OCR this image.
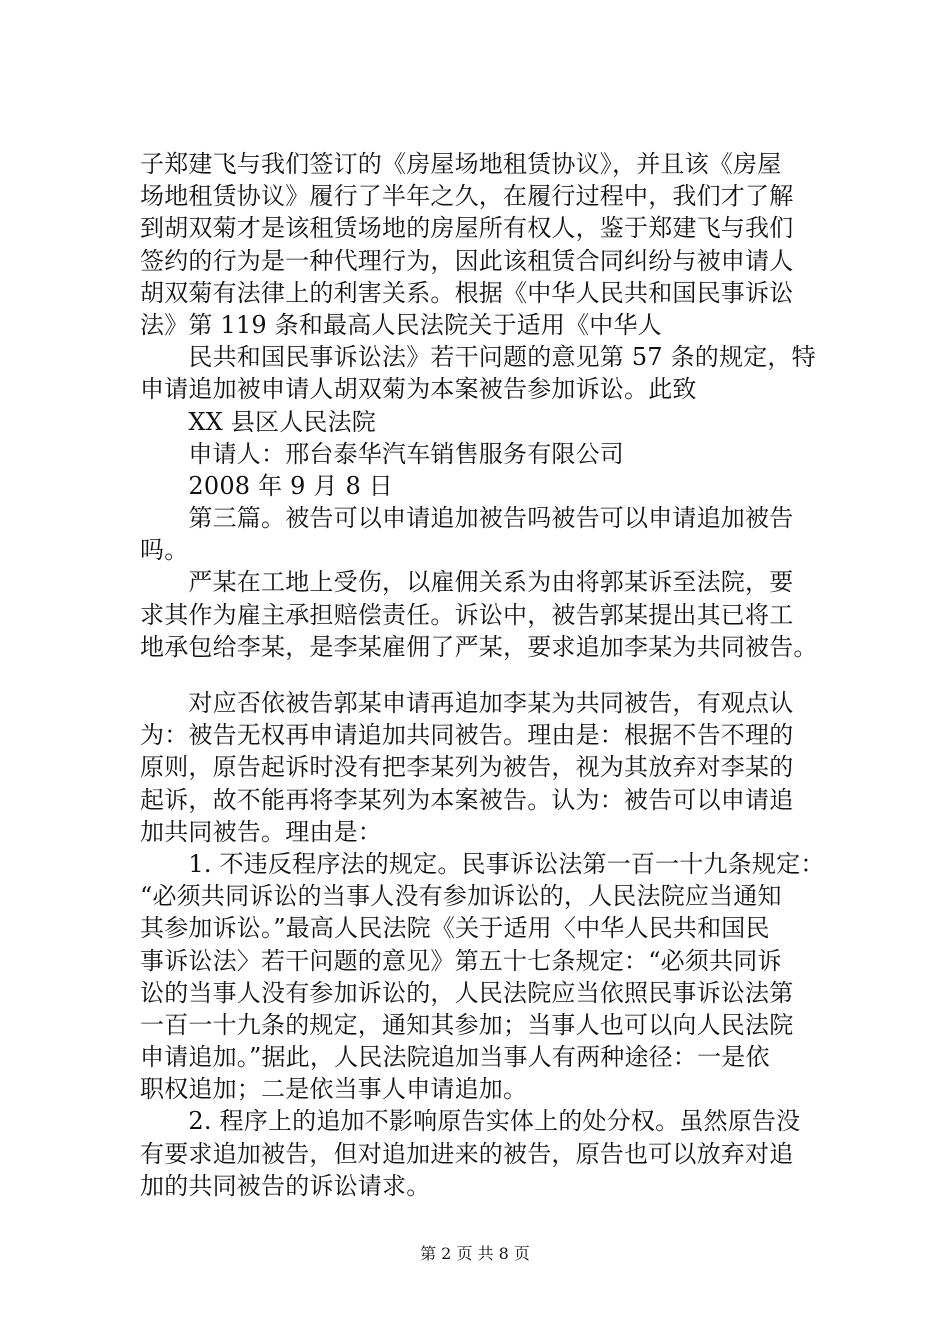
子郑建飞与我们签订的《房屋场地租赁协议》，并且该《房屋
场地租赁协议》履行了半年之久，在履行过程中，我们才了解
到胡双菊才是该租赁场地的房屋所有权人，鉴于郑建飞与我们
签约的行为是一种代理行为，因此该租赁合同纠纷与被申请人
胡双菊有法律上的利害关系。根据《中华人民共和国民事诉讼
法》第 119 条和最高人民法院关于适用《中华人
　　民共和国民事诉讼法》若干问题的意见第 57 条的规定，特
申请追加被申请人胡双菊为本案被告参加诉讼。此致
　　XX 县区人民法院
　　申请人：邢台泰华汽车销售服务有限公司
　　2008 年 9 月 8 日
　　第三篇。被告可以申请追加被告吗被告可以申请追加被告
吗。
　　严某在工地上受伤，以雇佣关系为由将郭某诉至法院，要
求其作为雇主承担赔偿责任。诉讼中，被告郭某提出其已将工
地承包给李某，是李某雇佣了严某，要求追加李某为共同被告。
　　对应否依被告郭某申请再追加李某为共同被告，有观点认
为：被告无权再申请追加共同被告。理由是：根据不告不理的
原则，原告起诉时没有把李某列为被告，视为其放弃对李某的
起诉，故不能再将李某列为本案被告。认为：被告可以申请追
加共同被告。理由是：
　　1. 不违反程序法的规定。民事诉讼法第一百一十九条规定：
“必须共同诉讼的当事人没有参加诉讼的，人民法院应当通知
其参加诉讼。”最高人民法院《关于适用〈中华人民共和国民
事诉讼法〉若干问题的意见》第五十七条规定：“必须共同诉
讼的当事人没有参加诉讼的，人民法院应当依照民事诉讼法第
一百一十九条的规定，通知其参加；当事人也可以向人民法院
申请追加。”据此，人民法院追加当事人有两种途径：一是依
职权追加；二是依当事人申请追加。
　　2. 程序上的追加不影响原告实体上的处分权。虽然原告没
有要求追加被告，但对追加进来的被告，原告也可以放弃对追
加的共同被告的诉讼请求。
第 2 页 共 8 页
